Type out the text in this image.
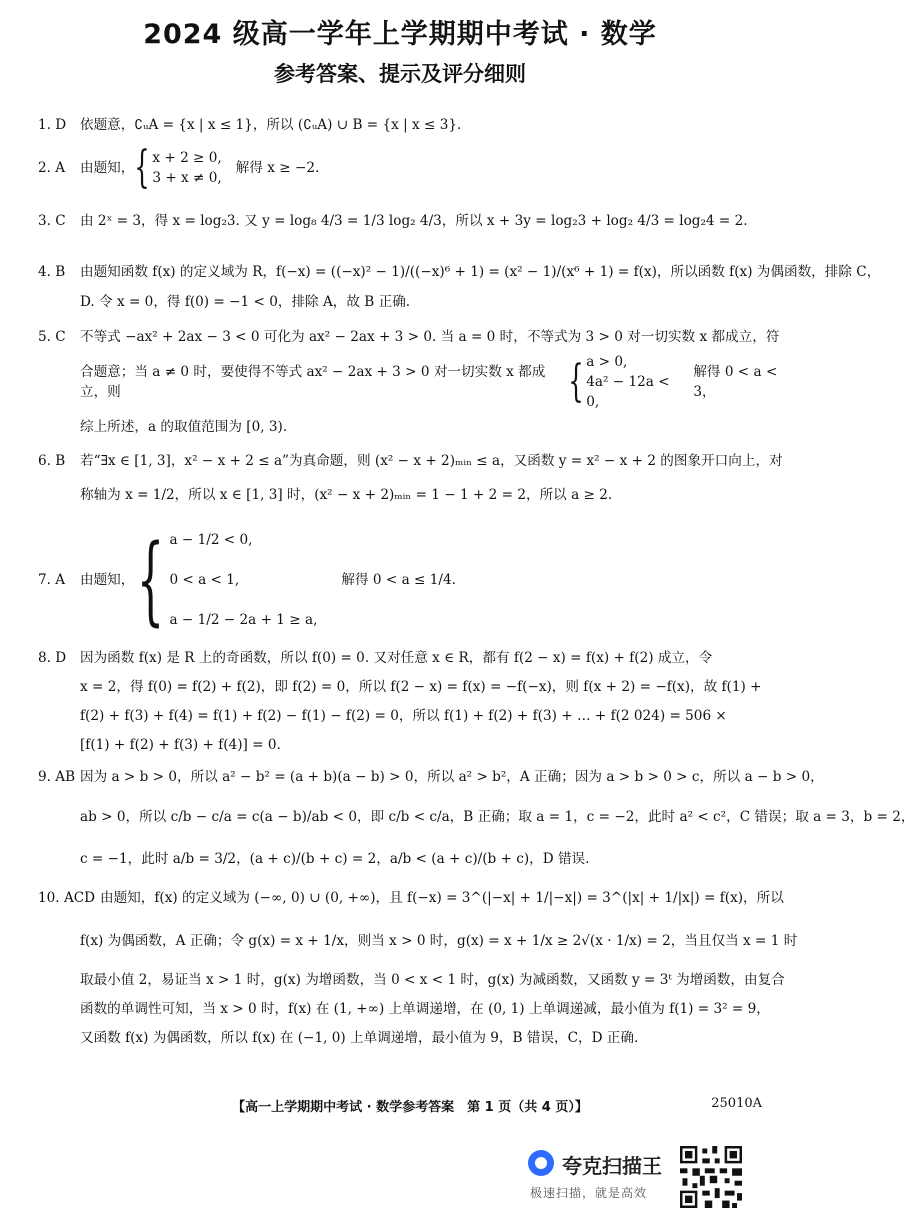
2024 级高一学年上学期期中考试 · 数学
参考答案、提示及评分细则
1. D 依题意，∁ᵤA = {x | x ≤ 1}，所以 (∁ᵤA) ∪ B = {x | x ≤ 3}.
2. A 由题知， { x + 2 ≥ 0,
3 + x ≠ 0,
解得 x ≥ −2.
3. C 由 2ˣ = 3，得 x = log₂3. 又 y = log₈ 4/3 = 1/3 log₂ 4/3，所以 x + 3y = log₂3 + log₂ 4/3 = log₂4 = 2.
4. B 由题知函数 f(x) 的定义域为 R，f(−x) = ((−x)² − 1)/((−x)⁶ + 1) = (x² − 1)/(x⁶ + 1) = f(x)，所以函数 f(x) 为偶函数，排除 C，
D. 令 x = 0，得 f(0) = −1 < 0，排除 A，故 B 正确.
5. C 不等式 −ax² + 2ax − 3 < 0 可化为 ax² − 2ax + 3 > 0. 当 a = 0 时，不等式为 3 > 0 对一切实数 x 都成立，符
合题意；当 a ≠ 0 时，要使得不等式 ax² − 2ax + 3 > 0 对一切实数 x 都成立，则	{ a > 0,
4a² − 12a < 0,
解得 0 < a < 3，
综上所述，a 的取值范围为 [0, 3).
6. B 若“∃x ∈ [1, 3]，x² − x + 2 ≤ a”为真命题，则 (x² − x + 2)ₘᵢₙ ≤ a，又函数 y = x² − x + 2 的图象开口向上，对
称轴为 x = 1/2，所以 x ∈ [1, 3] 时，(x² − x + 2)ₘᵢₙ = 1 − 1 + 2 = 2，所以 a ≥ 2.
7. A	由题知， { a − 1/2 < 0,
0 < a < 1,
a − 1/2 − 2a + 1 ≥ a,
解得 0 < a ≤ 1/4.
8. D 因为函数 f(x) 是 R 上的奇函数，所以 f(0) = 0. 又对任意 x ∈ R，都有 f(2 − x) = f(x) + f(2) 成立，令
x = 2，得 f(0) = f(2) + f(2)，即 f(2) = 0，所以 f(2 − x) = f(x) = −f(−x)，则 f(x + 2) = −f(x)，故 f(1) +
f(2) + f(3) + f(4) = f(1) + f(2) − f(1) − f(2) = 0，所以 f(1) + f(2) + f(3) + … + f(2 024) = 506 ×
[f(1) + f(2) + f(3) + f(4)] = 0.
9. AB 因为 a > b > 0，所以 a² − b² = (a + b)(a − b) > 0，所以 a² > b²，A 正确；因为 a > b > 0 > c，所以 a − b > 0，
ab > 0，所以 c/b − c/a = c(a − b)/ab < 0，即 c/b < c/a，B 正确；取 a = 1，c = −2，此时 a² < c²，C 错误；取 a = 3，b = 2，
c = −1，此时 a/b = 3/2，(a + c)/(b + c) = 2，a/b < (a + c)/(b + c)，D 错误.
10. ACD 由题知，f(x) 的定义域为 (−∞, 0) ∪ (0, +∞)，且 f(−x) = 3^(|−x| + 1/|−x|) = 3^(|x| + 1/|x|) = f(x)，所以
f(x) 为偶函数，A 正确；令 g(x) = x + 1/x，则当 x > 0 时，g(x) = x + 1/x ≥ 2√(x · 1/x) = 2，当且仅当 x = 1 时
取最小值 2，易证当 x > 1 时，g(x) 为增函数，当 0 < x < 1 时，g(x) 为减函数，又函数 y = 3ᵗ 为增函数，由复合
函数的单调性可知，当 x > 0 时，f(x) 在 (1, +∞) 上单调递增，在 (0, 1) 上单调递减，最小值为 f(1) = 3² = 9，
又函数 f(x) 为偶函数，所以 f(x) 在 (−1, 0) 上单调递增，最小值为 9，B 错误，C，D 正确.
【高一上学期期中考试 · 数学参考答案　第 1 页（共 4 页）】	25010A
夸克扫描王
极速扫描，就是高效
